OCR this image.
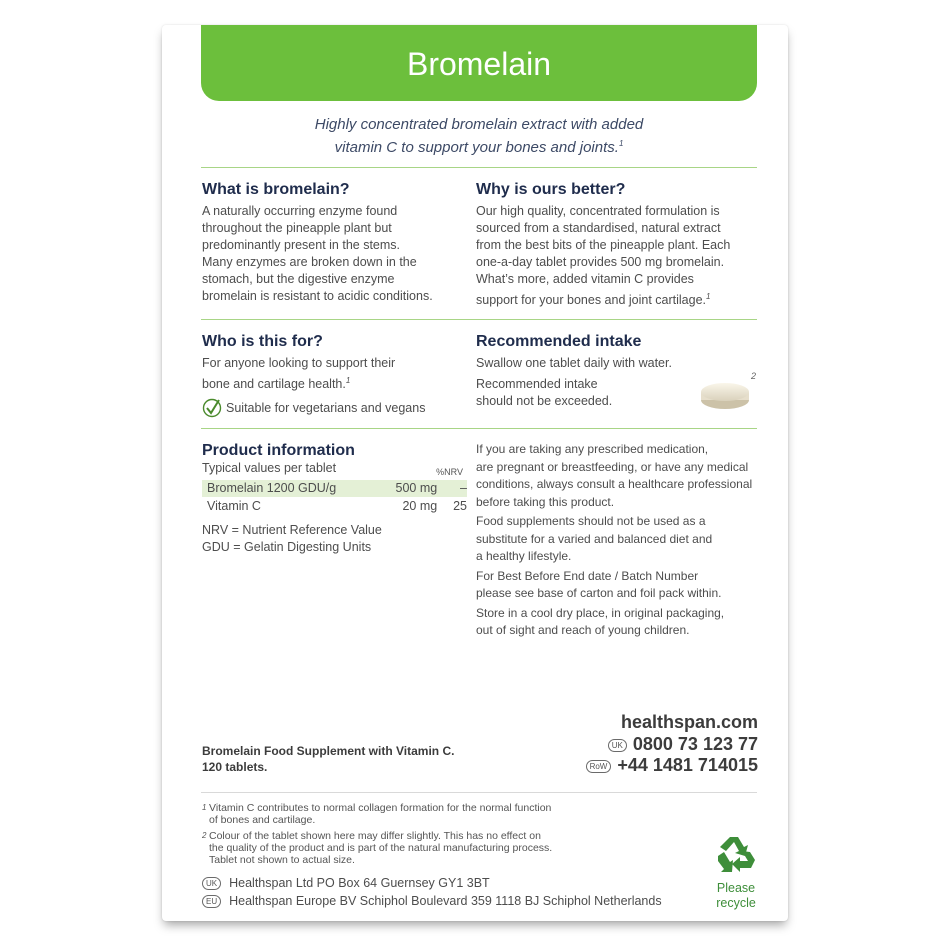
Bromelain
Highly concentrated bromelain extract with added
vitamin C to support your bones and joints.$^1$
What is bromelain?
A naturally occurring enzyme found
throughout the pineapple plant but
predominantly present in the stems.
Many enzymes are broken down in the
stomach, but the digestive enzyme
bromelain is resistant to acidic conditions.
Why is ours better?
Our high quality, concentrated formulation is
sourced from a standardised, natural extract
from the best bits of the pineapple plant. Each
one-a-day tablet provides 500 mg bromelain.
What’s more, added vitamin C provides
support for your bones and joint cartilage.$^1$
Who is this for?
For anyone looking to support their
bone and cartilage health.$^1$
Suitable for vegetarians and vegans
Recommended intake
Swallow one tablet daily with water.
Recommended intake
should not be exceeded.
2
Product information
Typical values per tablet	%NRV
Bromelain 1200 GDU/g	500 mg	–
Vitamin C	20 mg	25
NRV = Nutrient Reference Value
GDU = Gelatin Digesting Units
If you are taking any prescribed medication,
are pregnant or breastfeeding, or have any medical
conditions, always consult a healthcare professional
before taking this product.
Food supplements should not be used as a
substitute for a varied and balanced diet and
a healthy lifestyle.
For Best Before End date / Batch Number
please see base of carton and foil pack within.
Store in a cool dry place, in original packaging,
out of sight and reach of young children.
Bromelain Food Supplement with Vitamin C.
120 tablets.
healthspan.com
UK 0800 73 123 77
RoW +44 1481 714015
1 Vitamin C contributes to normal collagen formation for the normal function
of bones and cartilage.
2 Colour of the tablet shown here may differ slightly. This has no effect on
the quality of the product and is part of the natural manufacturing process.
Tablet not shown to actual size.
UK Healthspan Ltd PO Box 64 Guernsey GY1 3BT
EU Healthspan Europe BV Schiphol Boulevard 359 1118 BJ Schiphol Netherlands
Please
recycle
